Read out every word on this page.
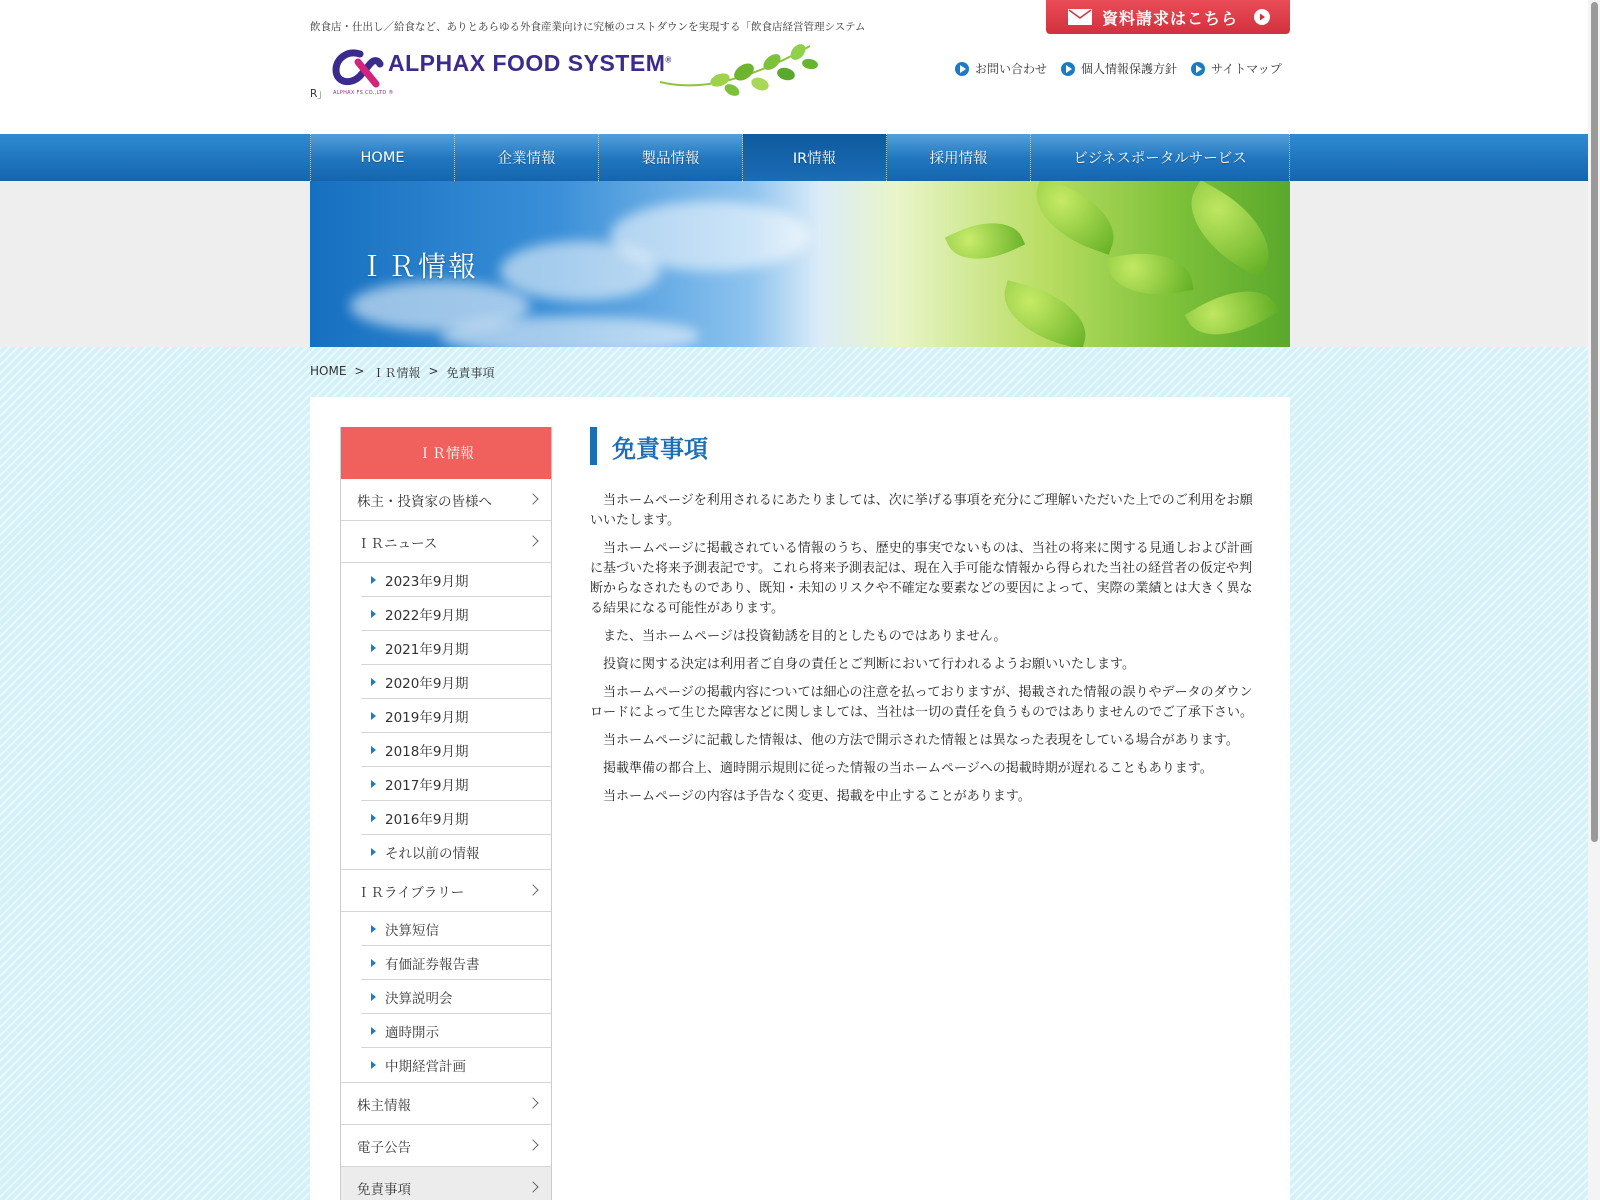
飲食店・仕出し／給食など、ありとあらゆる外食産業向けに究極のコストダウンを実現する「飲食店経営管理システム
R」 ALPHAX FS CO.,LTD ®
ALPHAX FOOD SYSTEM®
資料請求はこちら
お問い合わせ	個人情報保護方針	サイトマップ
HOME	企業情報	製品情報	IR情報	採用情報	ビジネスポータルサービス
ＩＲ情報
HOME > ＩＲ情報 > 免責事項
ＩＲ情報
株主・投資家の皆様へ
ＩＲニュース
2023年9月期
2022年9月期
2021年9月期
2020年9月期
2019年9月期
2018年9月期
2017年9月期
2016年9月期
それ以前の情報
ＩＲライブラリー
決算短信
有価証券報告書
決算説明会
適時開示
中期経営計画
株主情報
電子公告
免責事項
免責事項

当ホームページを利用されるにあたりましては、次に挙げる事項を充分にご理解いただいた上でのご利用をお願いいたします。

当ホームページに掲載されている情報のうち、歴史的事実でないものは、当社の将来に関する見通しおよび計画に基づいた将来予測表記です。これら将来予測表記は、現在入手可能な情報から得られた当社の経営者の仮定や判断からなされたものであり、既知・未知のリスクや不確定な要素などの要因によって、実際の業績とは大きく異なる結果になる可能性があります。

また、当ホームページは投資勧誘を目的としたものではありません。

投資に関する決定は利用者ご自身の責任とご判断において行われるようお願いいたします。

当ホームページの掲載内容については細心の注意を払っておりますが、掲載された情報の誤りやデータのダウンロードによって生じた障害などに関しましては、当社は一切の責任を負うものではありませんのでご了承下さい。

当ホームページに記載した情報は、他の方法で開示された情報とは異なった表現をしている場合があります。

掲載準備の都合上、適時開示規則に従った情報の当ホームページへの掲載時期が遅れることもあります。

当ホームページの内容は予告なく変更、掲載を中止することがあります。
